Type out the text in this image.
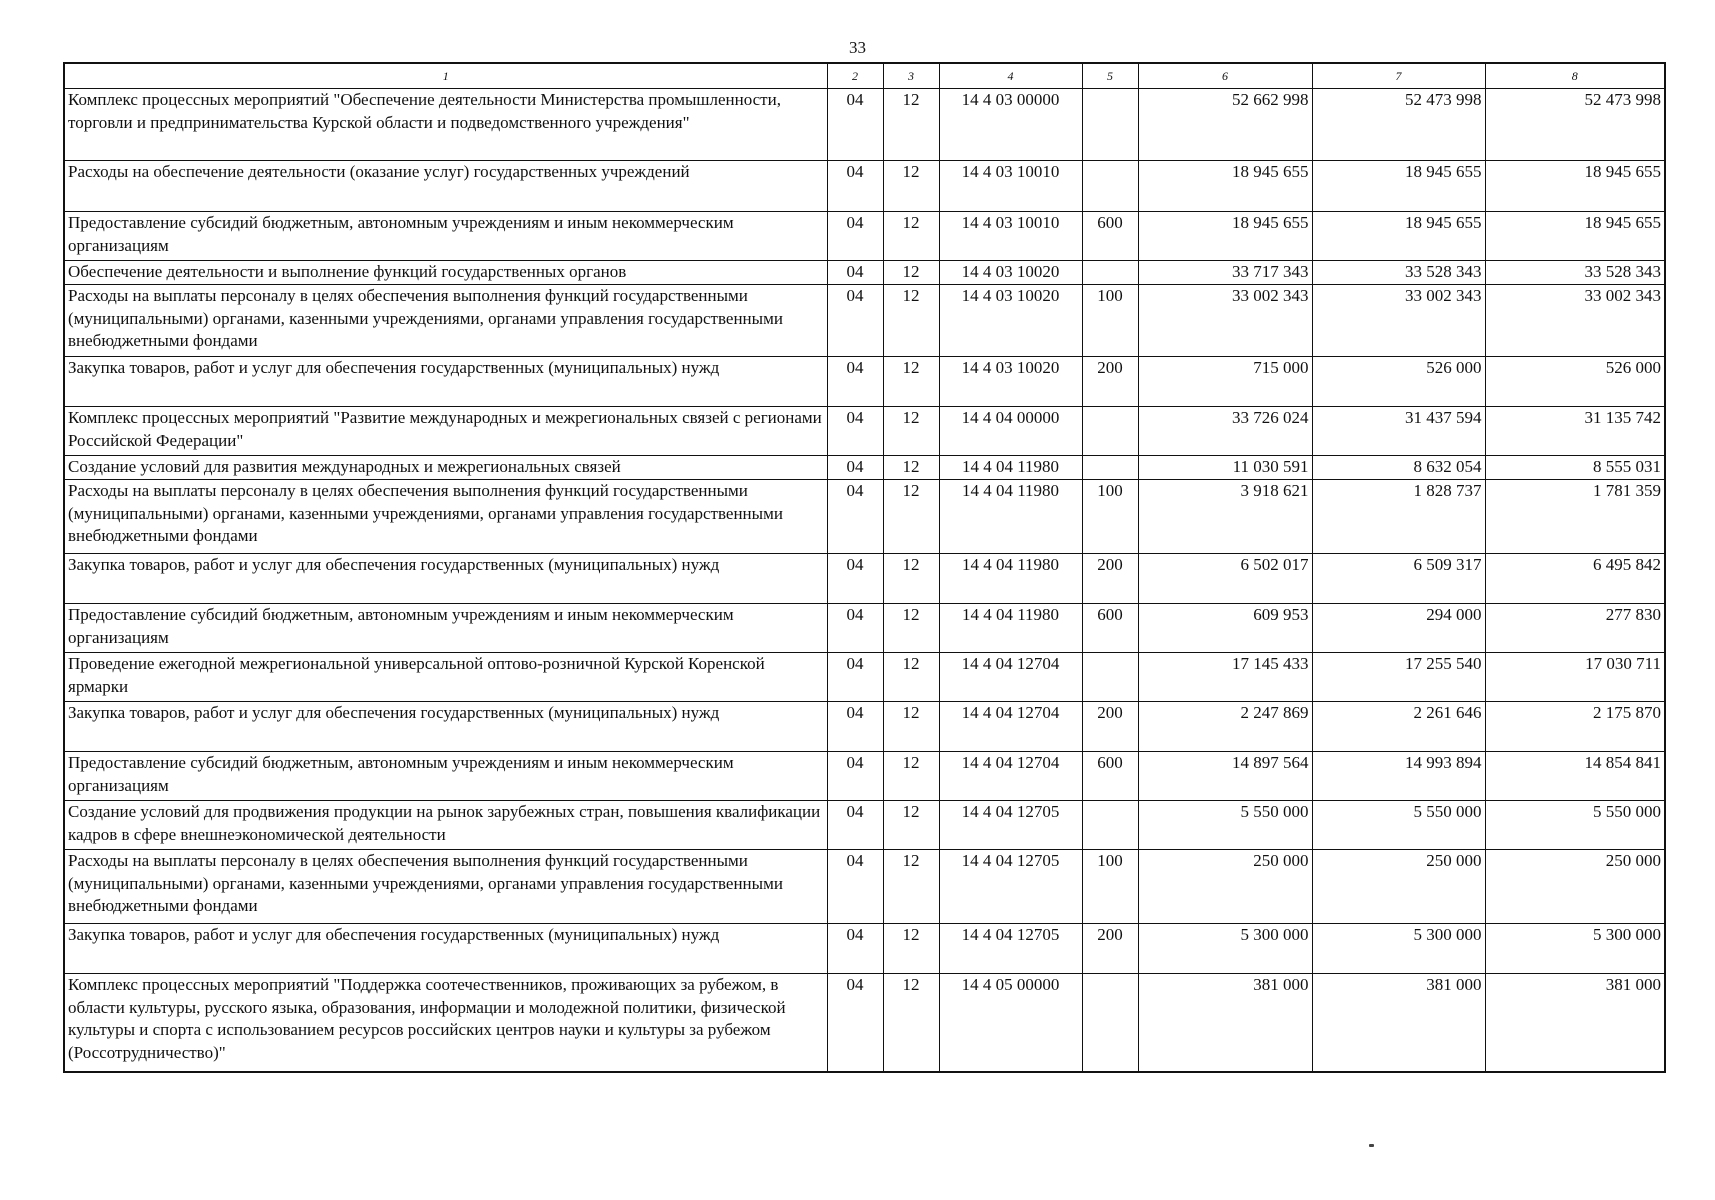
33
1	2	3	4	5	6	7	8
Комплекс процессных мероприятий "Обеспечение деятельности Министерства промышленности, торговли и предпринимательства Курской области и подведомственного учреждения"	04	12	14 4 03 00000		52 662 998	52 473 998	52 473 998
Расходы на обеспечение деятельности (оказание услуг) государственных учреждений	04	12	14 4 03 10010		18 945 655	18 945 655	18 945 655
Предоставление субсидий бюджетным, автономным учреждениям и иным некоммерческим организациям	04	12	14 4 03 10010	600	18 945 655	18 945 655	18 945 655
Обеспечение деятельности и выполнение функций государственных органов	04	12	14 4 03 10020		33 717 343	33 528 343	33 528 343
Расходы на выплаты персоналу в целях обеспечения выполнения функций государственными (муниципальными) органами, казенными учреждениями, органами управления государственными внебюджетными фондами	04	12	14 4 03 10020	100	33 002 343	33 002 343	33 002 343
Закупка товаров, работ и услуг для обеспечения государственных (муниципальных) нужд	04	12	14 4 03 10020	200	715 000	526 000	526 000
Комплекс процессных мероприятий "Развитие международных и межрегиональных связей с регионами Российской Федерации"	04	12	14 4 04 00000		33 726 024	31 437 594	31 135 742
Создание условий для развития международных и межрегиональных связей	04	12	14 4 04 11980		11 030 591	8 632 054	8 555 031
Расходы на выплаты персоналу в целях обеспечения выполнения функций государственными (муниципальными) органами, казенными учреждениями, органами управления государственными внебюджетными фондами	04	12	14 4 04 11980	100	3 918 621	1 828 737	1 781 359
Закупка товаров, работ и услуг для обеспечения государственных (муниципальных) нужд	04	12	14 4 04 11980	200	6 502 017	6 509 317	6 495 842
Предоставление субсидий бюджетным, автономным учреждениям и иным некоммерческим организациям	04	12	14 4 04 11980	600	609 953	294 000	277 830
Проведение ежегодной межрегиональной универсальной оптово-розничной Курской Коренской ярмарки	04	12	14 4 04 12704		17 145 433	17 255 540	17 030 711
Закупка товаров, работ и услуг для обеспечения государственных (муниципальных) нужд	04	12	14 4 04 12704	200	2 247 869	2 261 646	2 175 870
Предоставление субсидий бюджетным, автономным учреждениям и иным некоммерческим организациям	04	12	14 4 04 12704	600	14 897 564	14 993 894	14 854 841
Создание условий для продвижения продукции на рынок зарубежных стран, повышения квалификации кадров в сфере внешнеэкономической деятельности	04	12	14 4 04 12705		5 550 000	5 550 000	5 550 000
Расходы на выплаты персоналу в целях обеспечения выполнения функций государственными (муниципальными) органами, казенными учреждениями, органами управления государственными внебюджетными фондами	04	12	14 4 04 12705	100	250 000	250 000	250 000
Закупка товаров, работ и услуг для обеспечения государственных (муниципальных) нужд	04	12	14 4 04 12705	200	5 300 000	5 300 000	5 300 000
Комплекс процессных мероприятий "Поддержка соотечественников, проживающих за рубежом, в области культуры, русского языка, образования, информации и молодежной политики, физической культуры и спорта с использованием ресурсов российских центров науки и культуры за рубежом (Россотрудничество)"	04	12	14 4 05 00000		381 000	381 000	381 000
